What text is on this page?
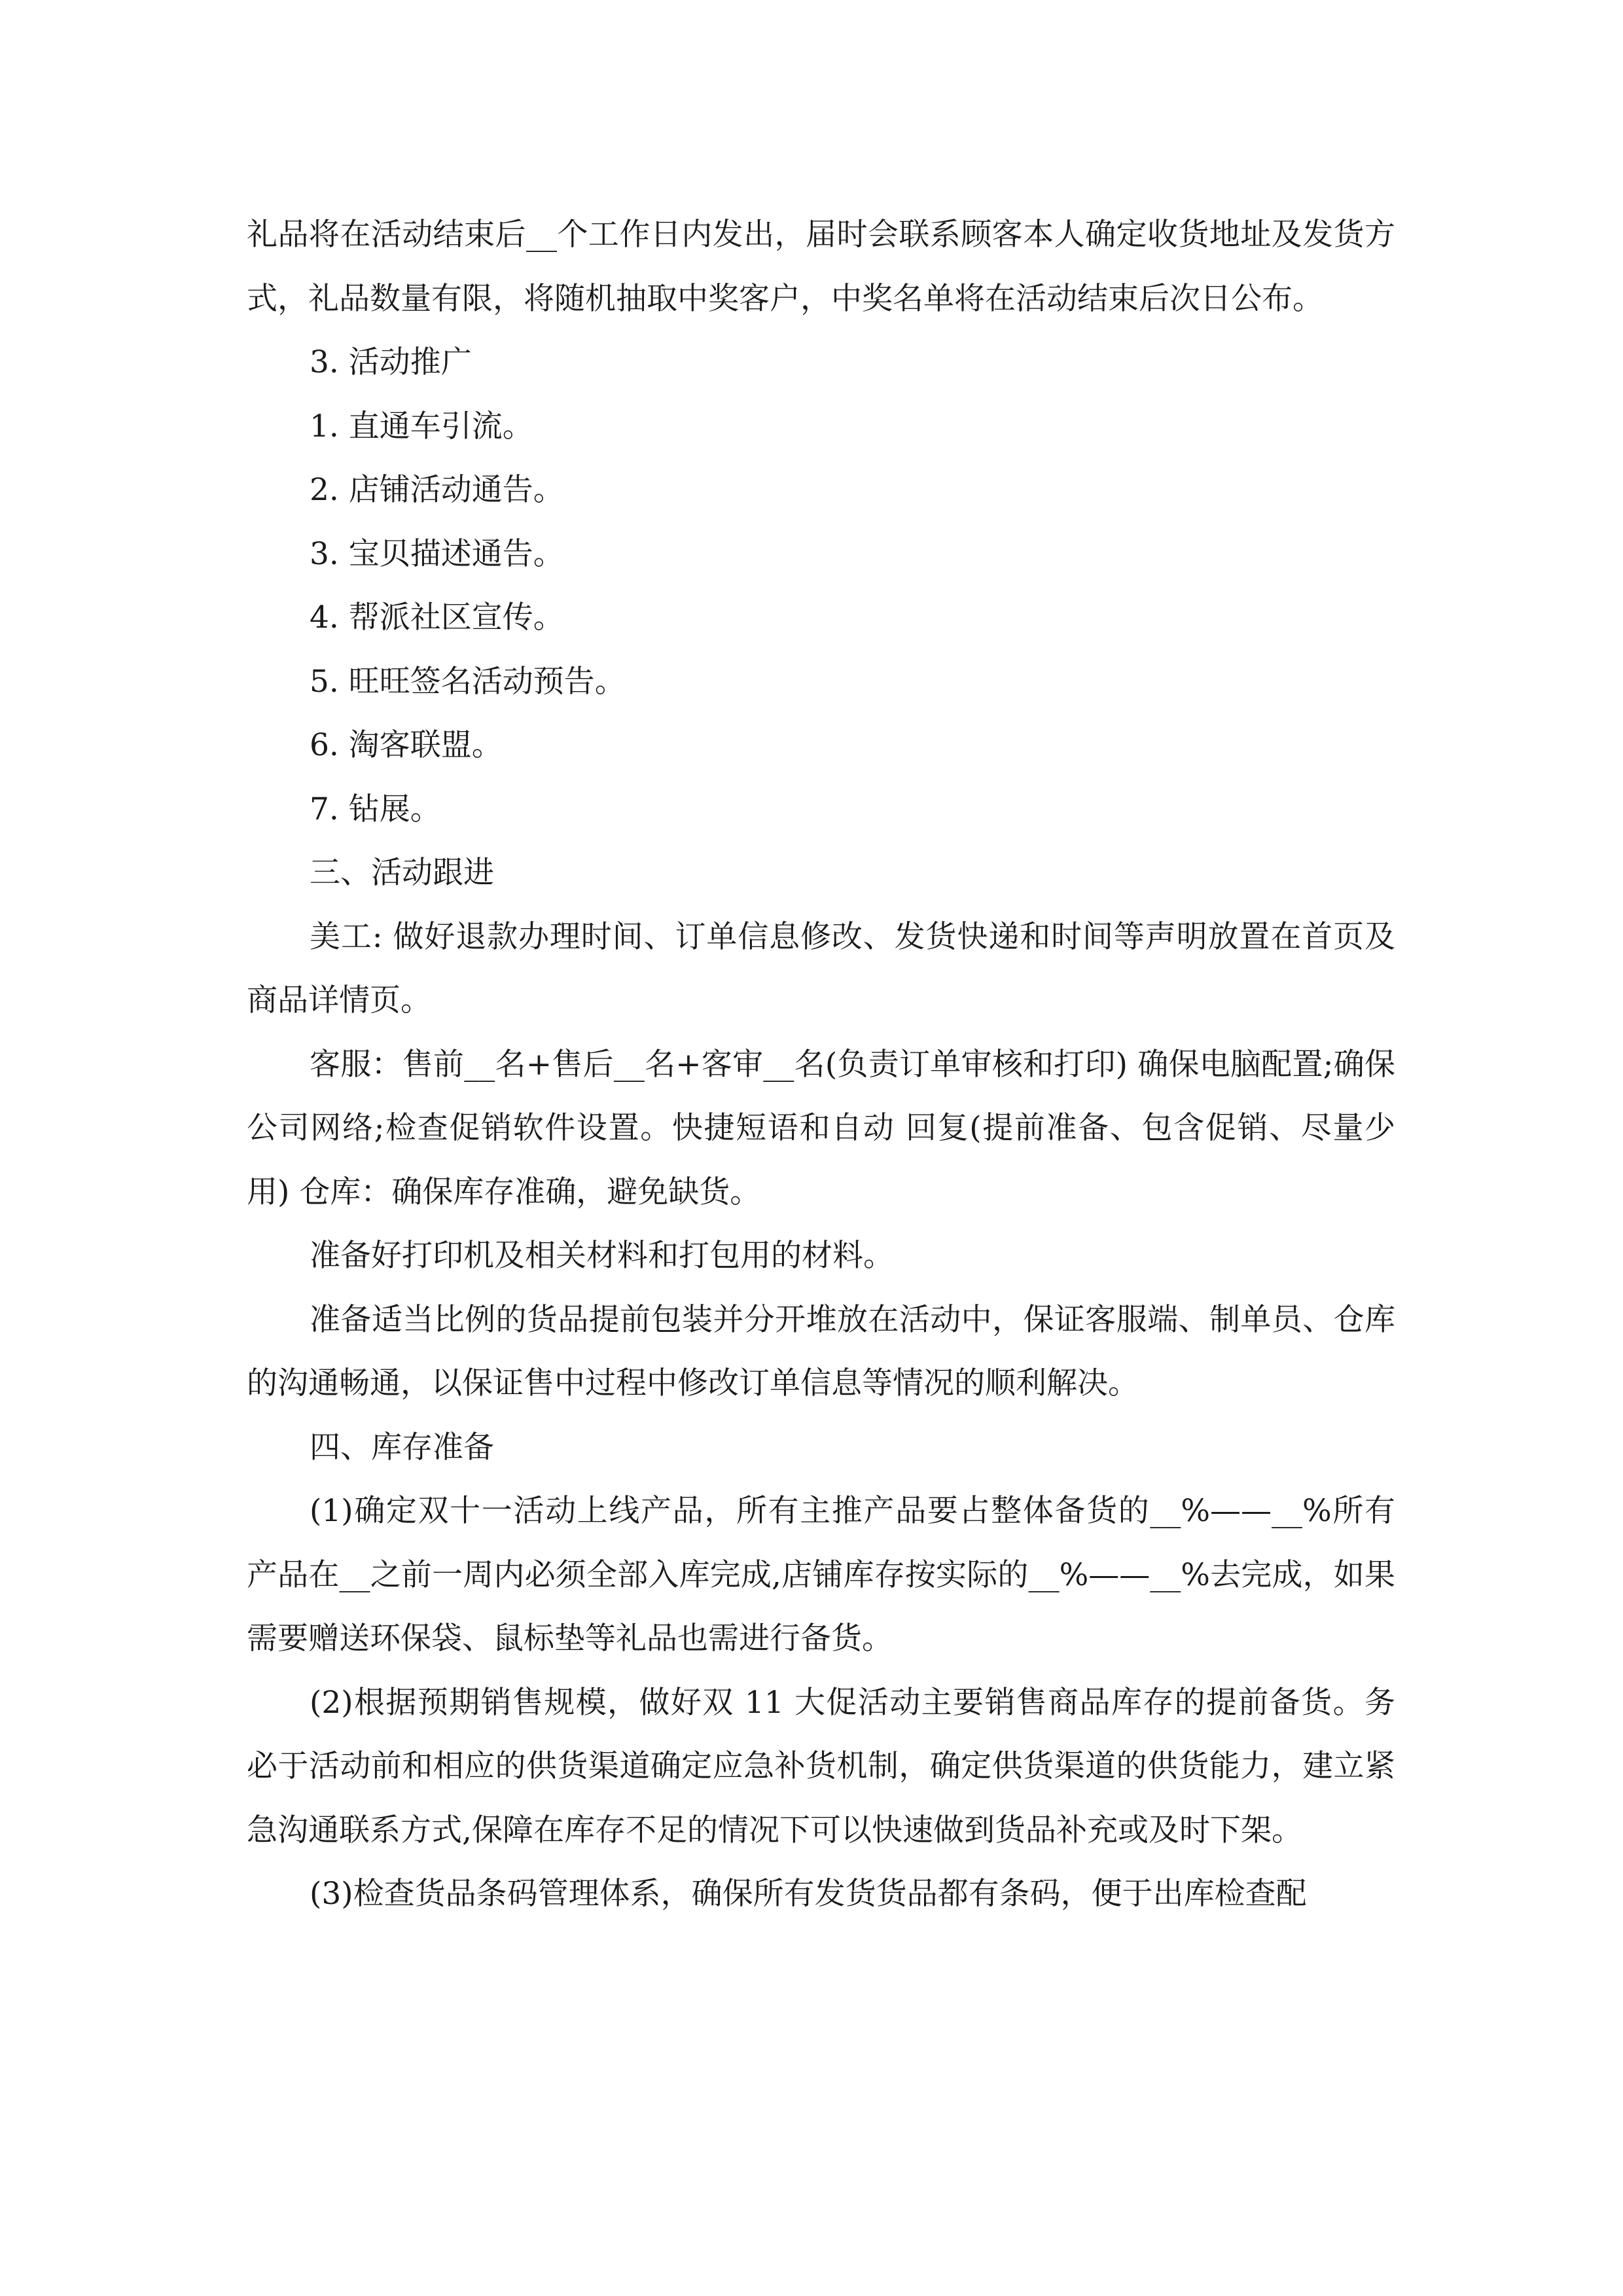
礼品将在活动结束后__个工作日内发出，届时会联系顾客本人确定收货地址及发货方式，礼品数量有限，将随机抽取中奖客户，中奖名单将在活动结束后次日公布。

3. 活动推广

1. 直通车引流。

2. 店铺活动通告。

3. 宝贝描述通告。

4. 帮派社区宣传。

5. 旺旺签名活动预告。

6. 淘客联盟。

7. 钻展。

三、活动跟进

美工: 做好退款办理时间、订单信息修改、发货快递和时间等声明放置在首页及商品详情页。

客服：售前__名+售后__名+客审__名(负责订单审核和打印) 确保电脑配置;确保公司网络;检查促销软件设置。快捷短语和自动 回复(提前准备、包含促销、尽量少用) 仓库：确保库存准确，避免缺货。

准备好打印机及相关材料和打包用的材料。

准备适当比例的货品提前包装并分开堆放在活动中，保证客服端、制单员、仓库的沟通畅通，以保证售中过程中修改订单信息等情况的顺利解决。

四、库存准备

(1)确定双十一活动上线产品，所有主推产品要占整体备货的__%——__%所有产品在__之前一周内必须全部入库完成,店铺库存按实际的__%——__%去完成，如果需要赠送环保袋、鼠标垫等礼品也需进行备货。

(2)根据预期销售规模，做好双 11 大促活动主要销售商品库存的提前备货。务必于活动前和相应的供货渠道确定应急补货机制，确定供货渠道的供货能力，建立紧急沟通联系方式,保障在库存不足的情况下可以快速做到货品补充或及时下架。

(3)检查货品条码管理体系，确保所有发货货品都有条码，便于出库检查配
